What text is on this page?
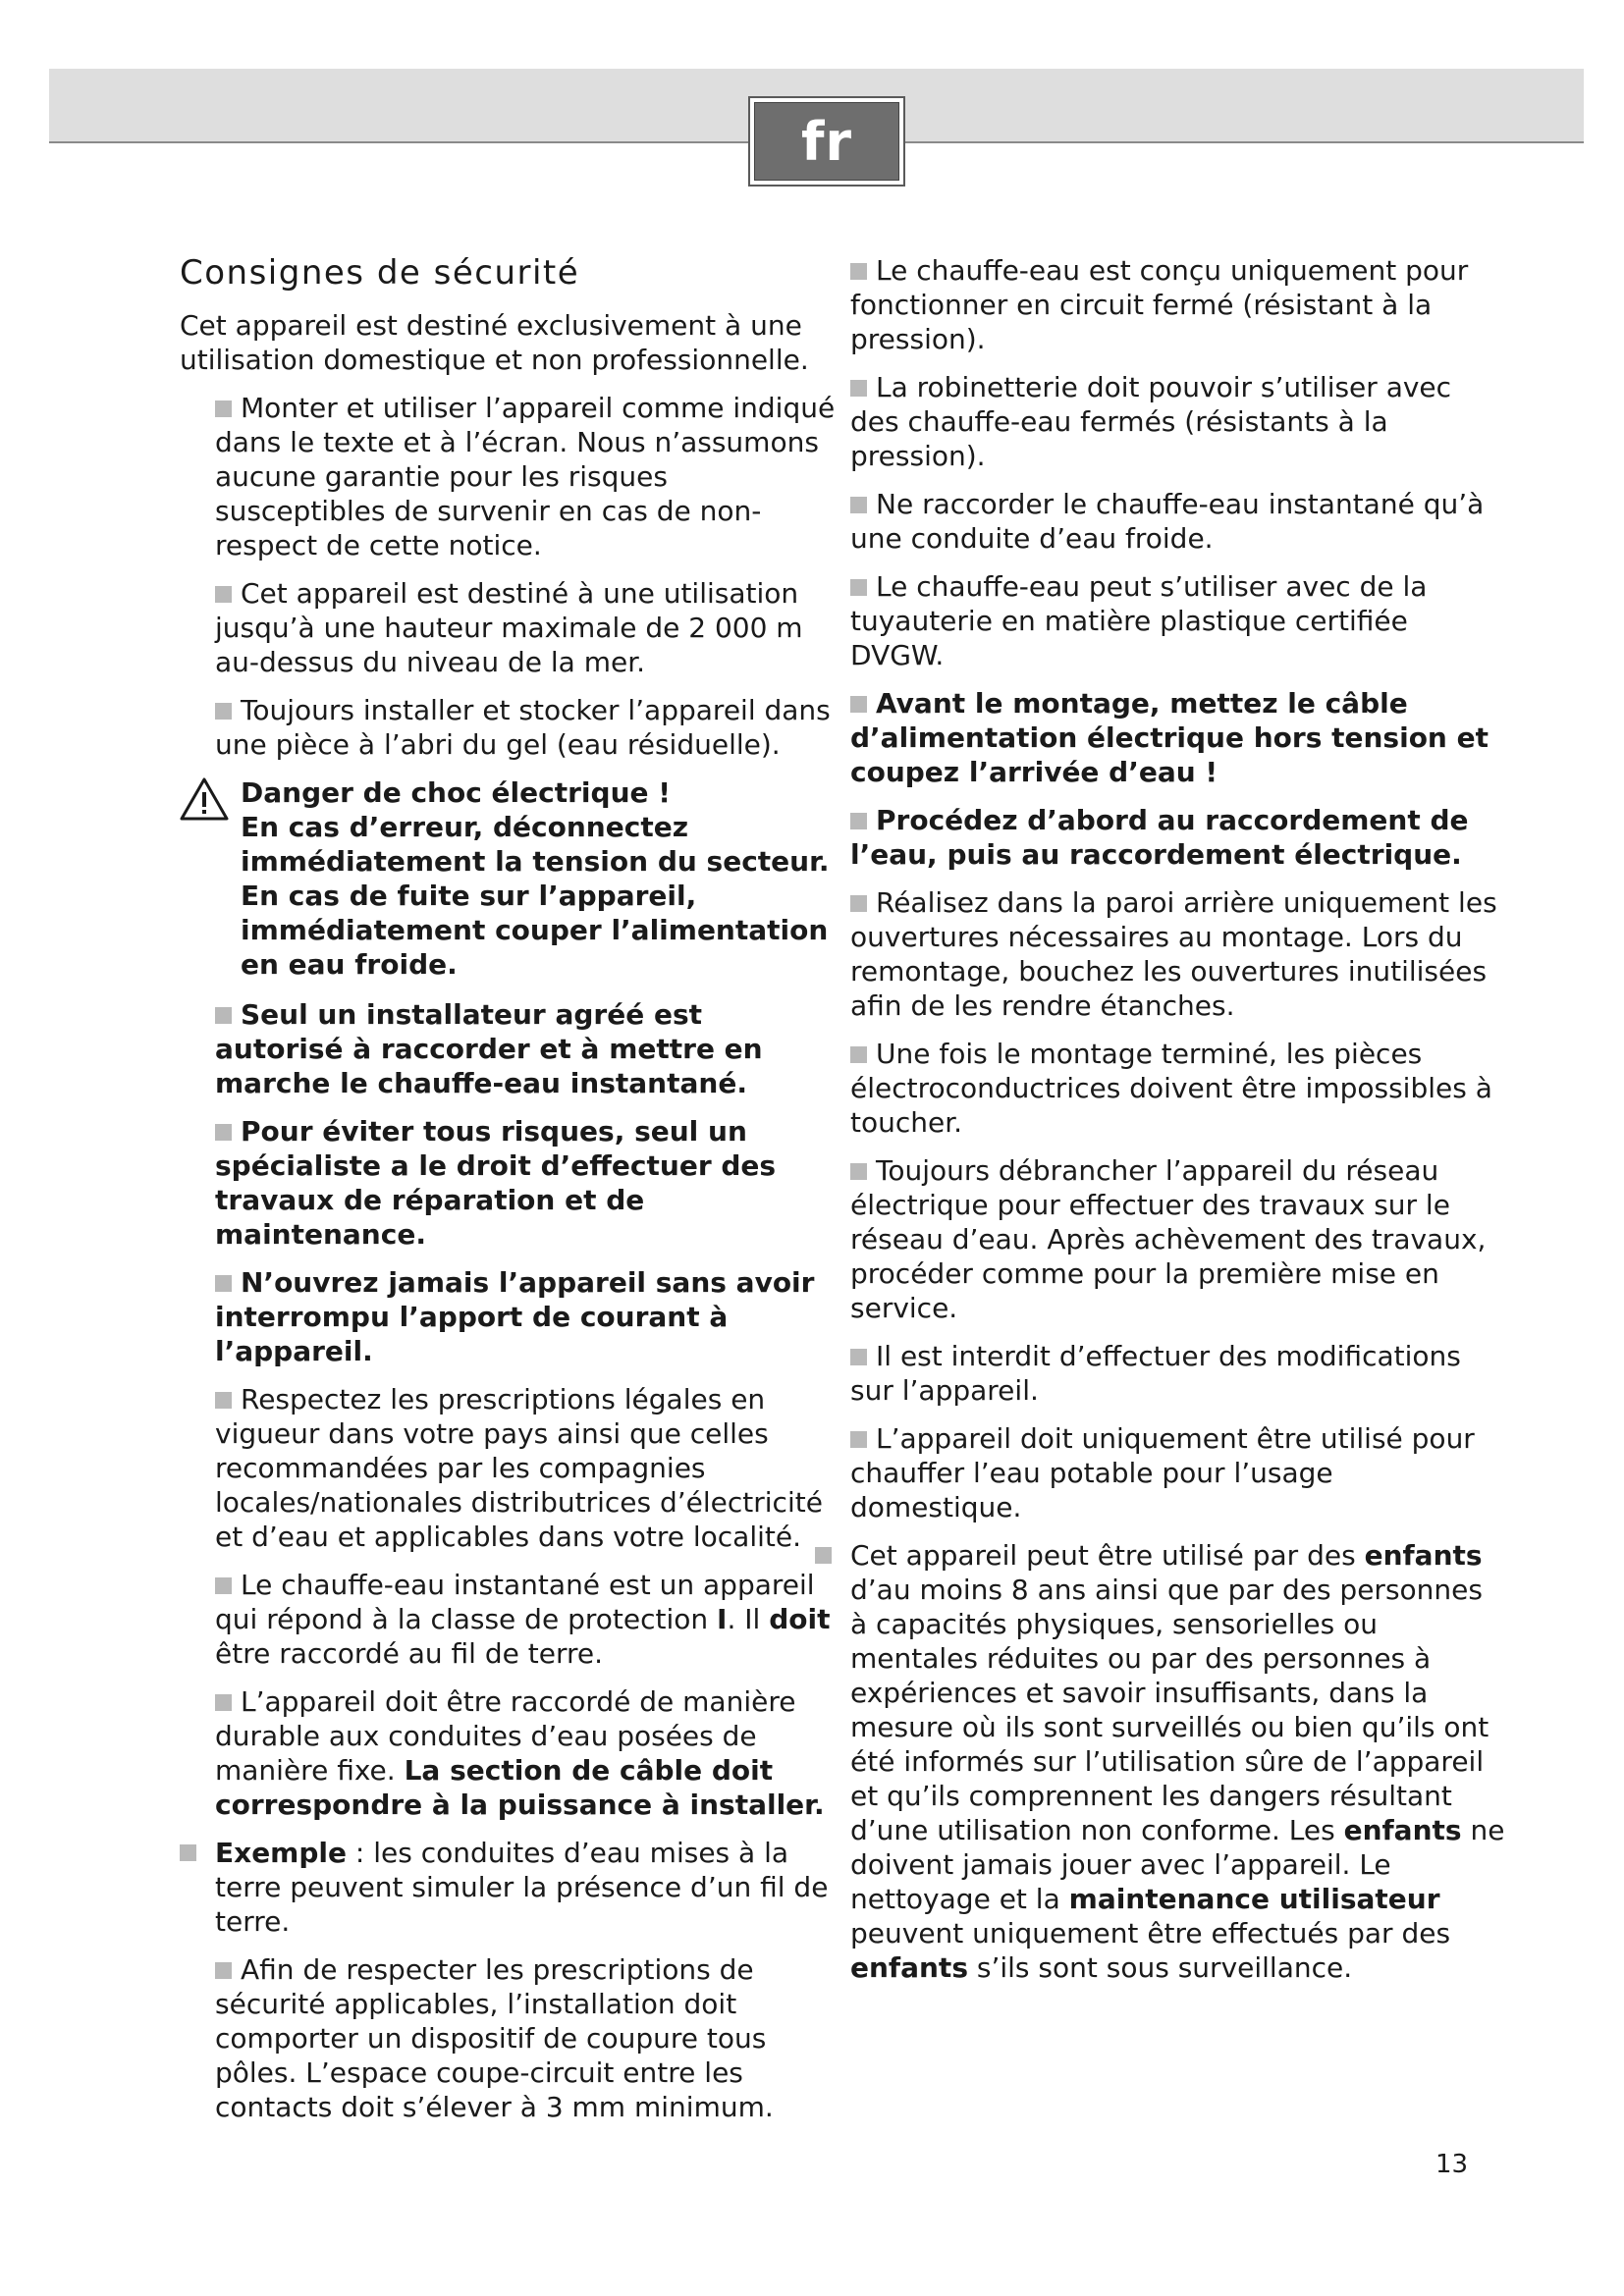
fr
Consignes de sécurité

Cet appareil est destiné exclusivement à une utilisation domestique et non professionnelle.

Monter et utiliser l’appareil comme indiqué dans le texte et à l’écran. Nous n’assumons aucune garantie pour les risques susceptibles de survenir en cas de non-respect de cette notice.

Cet appareil est destiné à une utilisation jusqu’à une hauteur maximale de 2 000 m au-dessus du niveau de la mer.

Toujours installer et stocker l’appareil dans une pièce à l’abri du gel (eau résiduelle).

Danger de choc électrique !

En cas d’erreur, déconnectez immédiatement la tension du secteur.

En cas de fuite sur l’appareil, immédiatement couper l’alimentation en eau froide.

Seul un installateur agréé est autorisé à raccorder et à mettre en marche le chauffe-eau instantané.

Pour éviter tous risques, seul un spécialiste a le droit d’effectuer des travaux de réparation et de maintenance.

N’ouvrez jamais l’appareil sans avoir interrompu l’apport de courant à l’appareil.

Respectez les prescriptions légales en vigueur dans votre pays ainsi que celles recommandées par les compagnies locales/nationales distributrices d’électricité et d’eau et applicables dans votre localité.

Le chauffe-eau instantané est un appareil qui répond à la classe de protection I. Il doit être raccordé au fil de terre.

L’appareil doit être raccordé de manière durable aux conduites d’eau posées de manière fixe. La section de câble doit correspondre à la puissance à installer.

Exemple : les conduites d’eau mises à la terre peuvent simuler la présence d’un fil de terre.

Afin de respecter les prescriptions de sécurité applicables, l’installation doit comporter un dispositif de coupure tous pôles. L’espace coupe-circuit entre les contacts doit s’élever à 3 mm minimum.

Le chauffe-eau est conçu uniquement pour fonctionner en circuit fermé (résistant à la pression).

La robinetterie doit pouvoir s’utiliser avec des chauffe-eau fermés (résistants à la pression).

Ne raccorder le chauffe-eau instantané qu’à une conduite d’eau froide.

Le chauffe-eau peut s’utiliser avec de la tuyauterie en matière plastique certifiée DVGW.

Avant le montage, mettez le câble d’alimentation électrique hors tension et coupez l’arrivée d’eau !

Procédez d’abord au raccordement de l’eau, puis au raccordement électrique.

Réalisez dans la paroi arrière uniquement les ouvertures nécessaires au montage. Lors du remontage, bouchez les ouvertures inutilisées afin de les rendre étanches.

Une fois le montage terminé, les pièces électroconductrices doivent être impossibles à toucher.

Toujours débrancher l’appareil du réseau électrique pour effectuer des travaux sur le réseau d’eau. Après achèvement des travaux, procéder comme pour la première mise en service.

Il est interdit d’effectuer des modifications sur l’appareil.

L’appareil doit uniquement être utilisé pour chauffer l’eau potable pour l’usage domestique.

Cet appareil peut être utilisé par des enfants d’au moins 8 ans ainsi que par des personnes à capacités physiques, sensorielles ou mentales réduites ou par des personnes à expériences et savoir insuffisants, dans la mesure où ils sont surveillés ou bien qu’ils ont été informés sur l’utilisation sûre de l’appareil et qu’ils comprennent les dangers résultant d’une utilisation non conforme. Les enfants ne doivent jamais jouer avec l’appareil. Le nettoyage et la maintenance utilisateur peuvent uniquement être effectués par des enfants s’ils sont sous surveillance.
13
